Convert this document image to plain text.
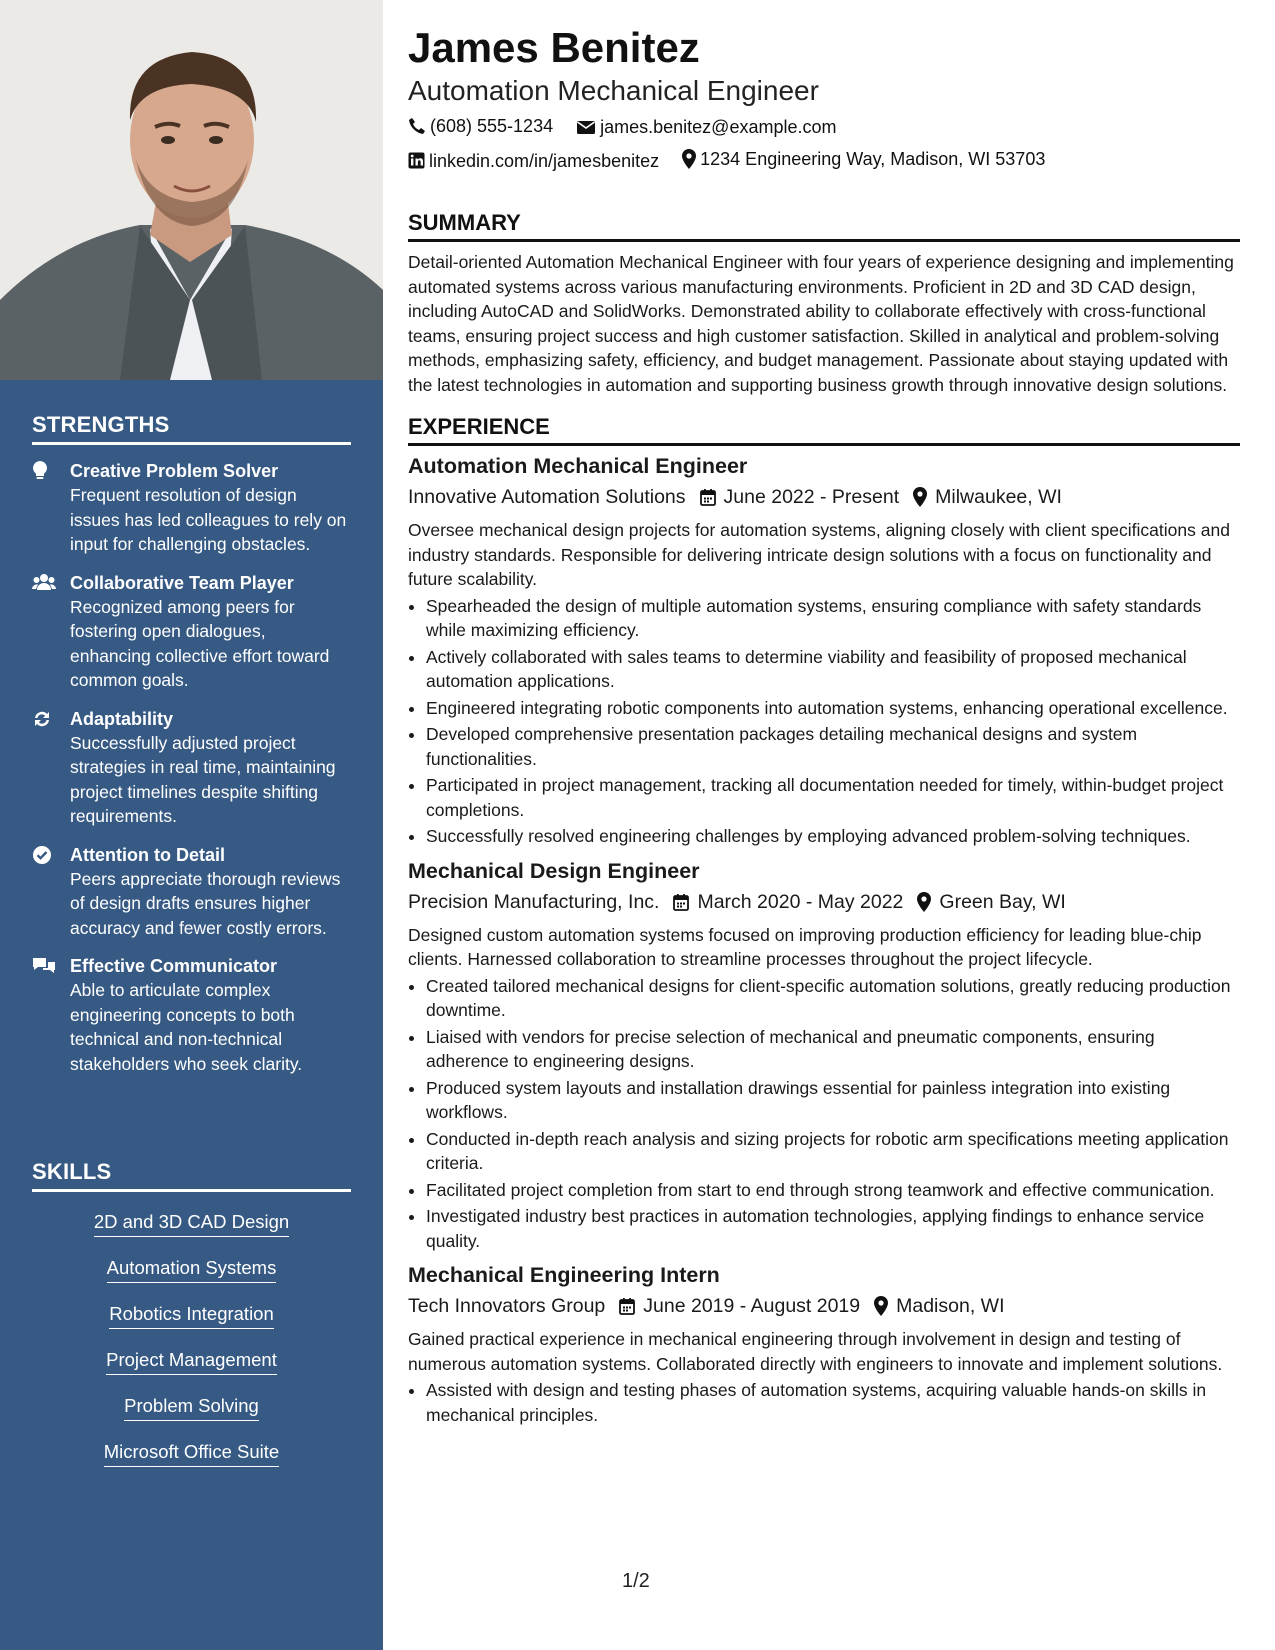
STRENGTHS
Creative Problem Solver
Frequent resolution of design issues has led colleagues to rely on input for challenging obstacles.
Collaborative Team Player
Recognized among peers for fostering open dialogues, enhancing collective effort toward common goals.
Adaptability
Successfully adjusted project strategies in real time, maintaining project timelines despite shifting requirements.
Attention to Detail
Peers appreciate thorough reviews of design drafts ensures higher accuracy and fewer costly errors.
Effective Communicator
Able to articulate complex engineering concepts to both technical and non-technical stakeholders who seek clarity.
SKILLS
2D and 3D CAD Design
Automation Systems
Robotics Integration
Project Management
Problem Solving
Microsoft Office Suite
James Benitez
Automation Mechanical Engineer
(608) 555-1234
	james.benitez@example.com
linkedin.com/in/jamesbenitez
1234 Engineering Way, Madison, WI 53703
SUMMARY
Detail-oriented Automation Mechanical Engineer with four years of experience designing and implementing automated systems across various manufacturing environments. Proficient in 2D and 3D CAD design, including AutoCAD and SolidWorks. Demonstrated ability to collaborate effectively with cross-functional teams, ensuring project success and high customer satisfaction. Skilled in analytical and problem-solving methods, emphasizing safety, efficiency, and budget management. Passionate about staying updated with the latest technologies in automation and supporting business growth through innovative design solutions.
EXPERIENCE
Automation Mechanical Engineer
Innovative Automation Solutions June 2022 - Present Milwaukee, WI
Oversee mechanical design projects for automation systems, aligning closely with client specifications and industry standards. Responsible for delivering intricate design solutions with a focus on functionality and future scalability.
• Spearheaded the design of multiple automation systems, ensuring compliance with safety standards while maximizing efficiency.
• Actively collaborated with sales teams to determine viability and feasibility of proposed mechanical automation applications.
• Engineered integrating robotic components into automation systems, enhancing operational excellence.
• Developed comprehensive presentation packages detailing mechanical designs and system functionalities.
• Participated in project management, tracking all documentation needed for timely, within-budget project completions.
• Successfully resolved engineering challenges by employing advanced problem-solving techniques.
Mechanical Design Engineer
Precision Manufacturing, Inc. March 2020 - May 2022 Green Bay, WI
Designed custom automation systems focused on improving production efficiency for leading blue-chip clients. Harnessed collaboration to streamline processes throughout the project lifecycle.
• Created tailored mechanical designs for client-specific automation solutions, greatly reducing production downtime.
• Liaised with vendors for precise selection of mechanical and pneumatic components, ensuring adherence to engineering designs.
• Produced system layouts and installation drawings essential for painless integration into existing workflows.
• Conducted in-depth reach analysis and sizing projects for robotic arm specifications meeting application criteria.
• Facilitated project completion from start to end through strong teamwork and effective communication.
• Investigated industry best practices in automation technologies, applying findings to enhance service quality.
Mechanical Engineering Intern
Tech Innovators Group June 2019 - August 2019 Madison, WI
Gained practical experience in mechanical engineering through involvement in design and testing of numerous automation systems. Collaborated directly with engineers to innovate and implement solutions.
• Assisted with design and testing phases of automation systems, acquiring valuable hands-on skills in mechanical principles.
1/2
